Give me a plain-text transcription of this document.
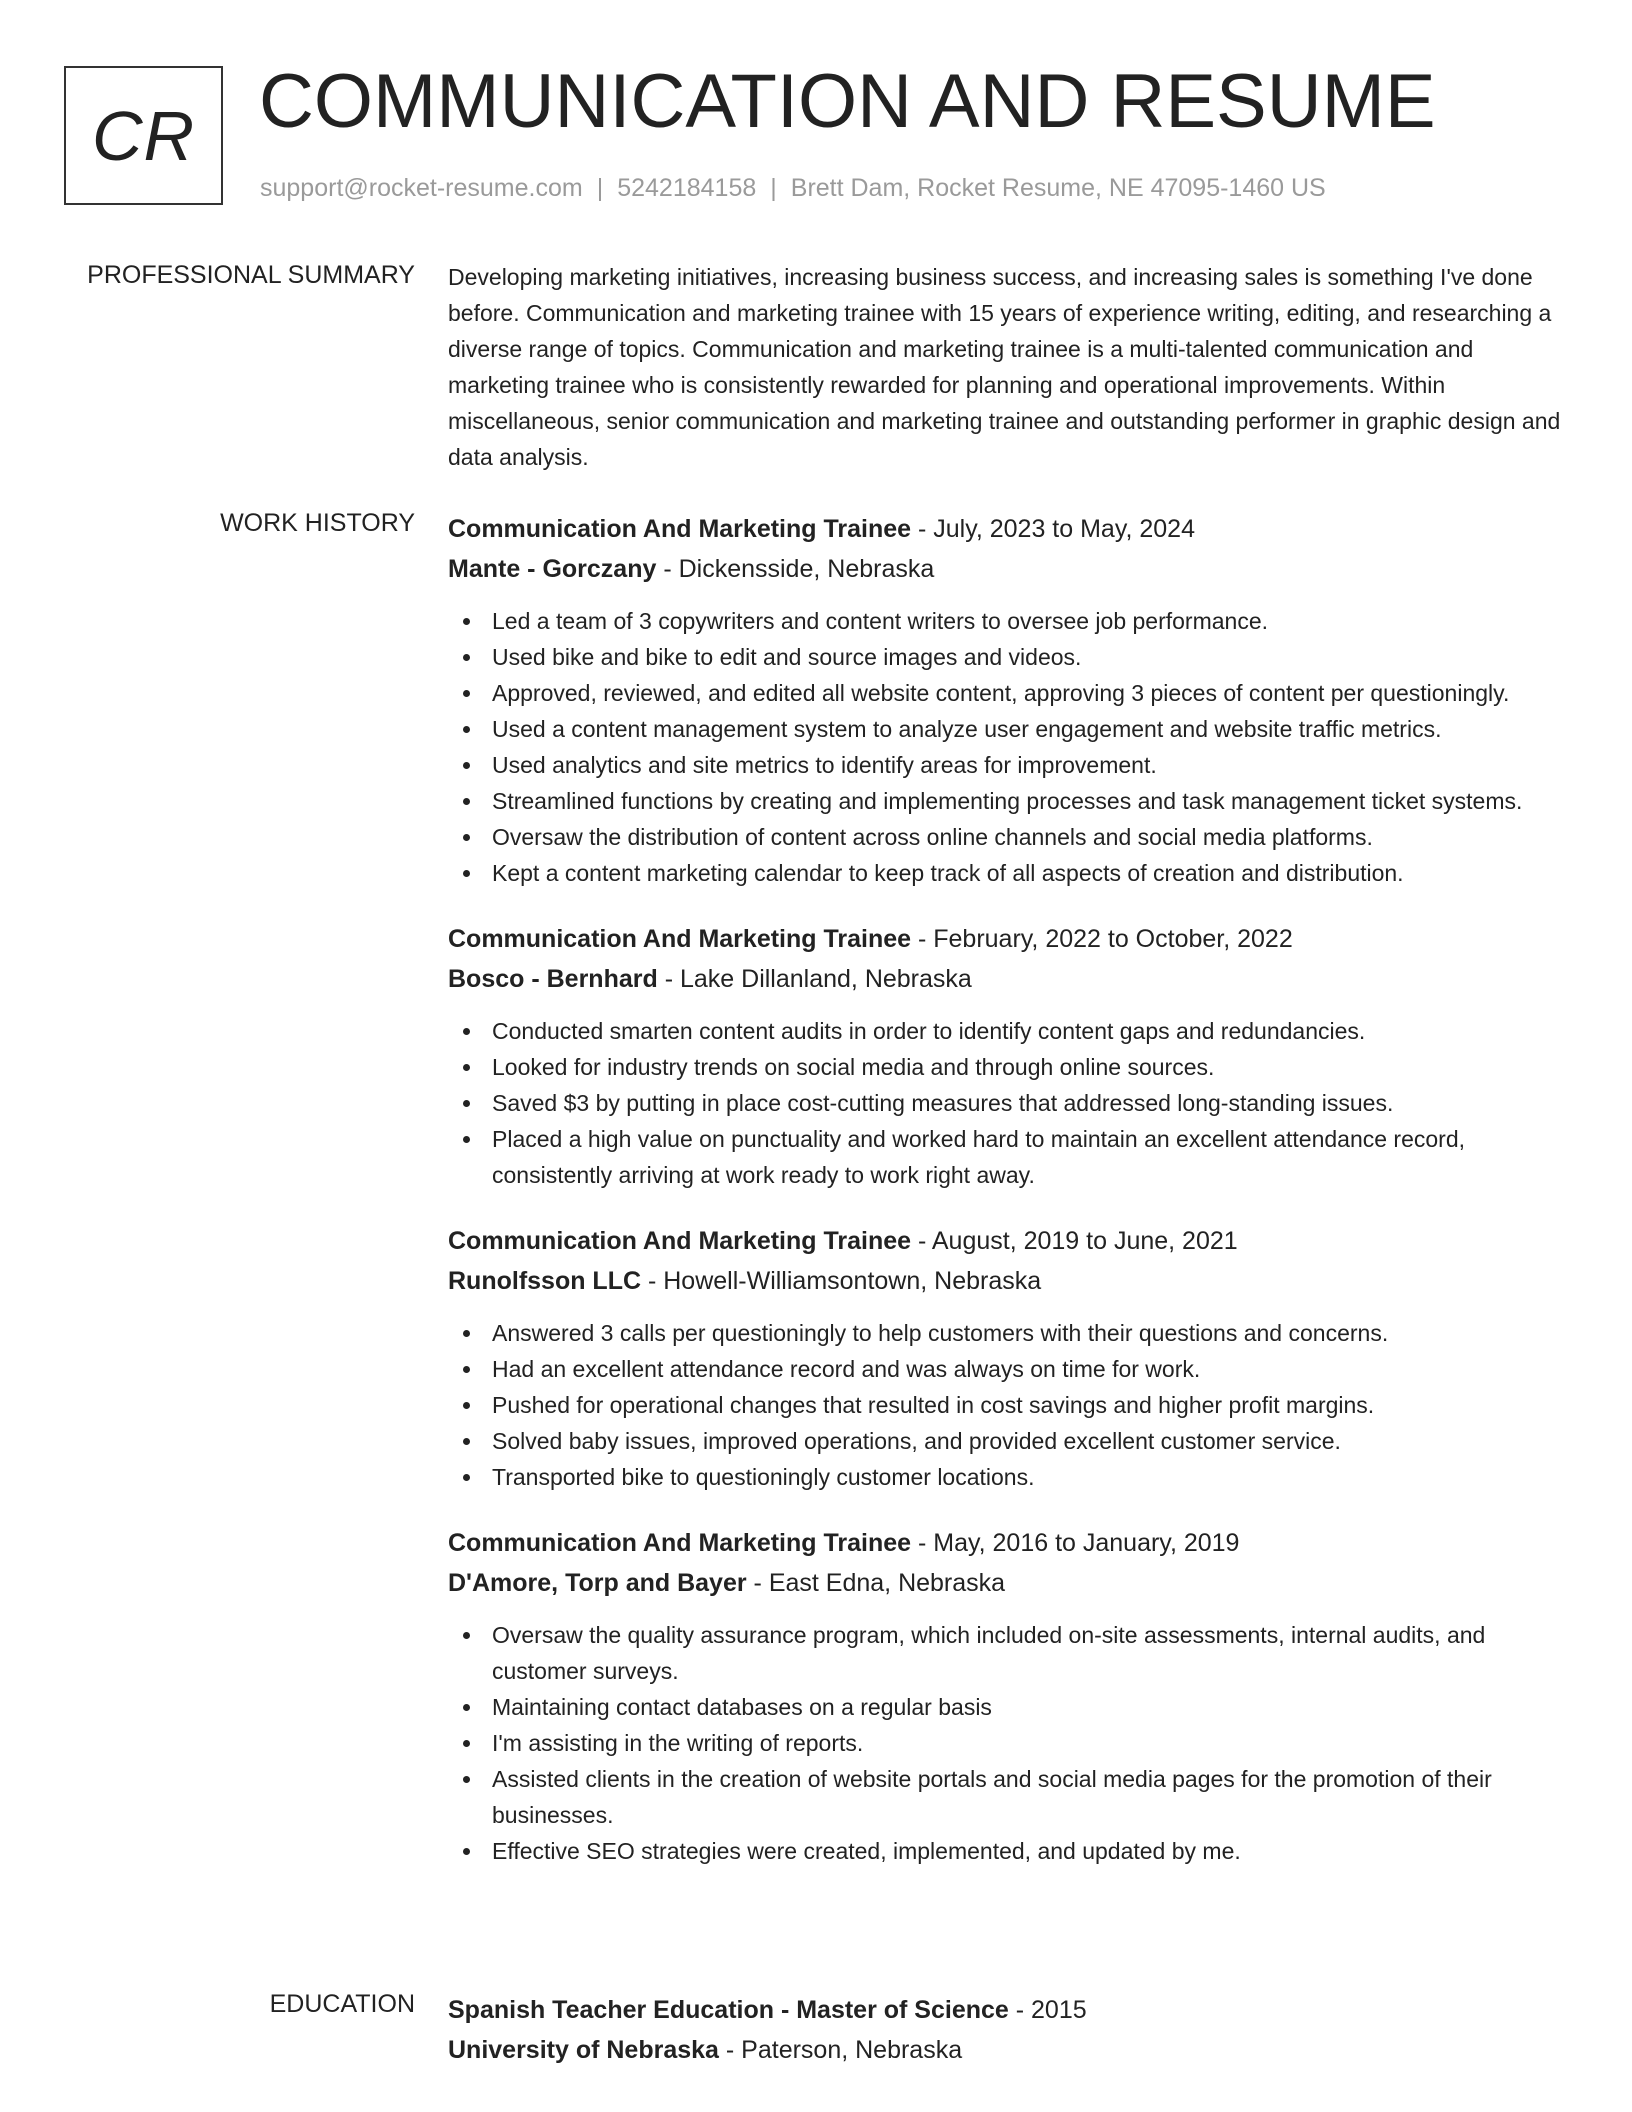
CR COMMUNICATION AND RESUME
support@rocket-resume.com | 5242184158 | Brett Dam, Rocket Resume, NE 47095-1460 US
PROFESSIONAL SUMMARY Developing marketing initiatives, increasing business success, and increasing sales is something I've done before. Communication and marketing trainee with 15 years of experience writing, editing, and researching a diverse range of topics. Communication and marketing trainee is a multi-talented communication and marketing trainee who is consistently rewarded for planning and operational improvements. Within miscellaneous, senior communication and marketing trainee and outstanding performer in graphic design and data analysis.

WORK HISTORY Communication And Marketing Trainee - July, 2023 to May, 2024
Mante - Gorczany - Dickensside, Nebraska
Led a team of 3 copywriters and content writers to oversee job performance.
Used bike and bike to edit and source images and videos.
Approved, reviewed, and edited all website content, approving 3 pieces of content per questioningly.
Used a content management system to analyze user engagement and website traffic metrics.
Used analytics and site metrics to identify areas for improvement.
Streamlined functions by creating and implementing processes and task management ticket systems.
Oversaw the distribution of content across online channels and social media platforms.
Kept a content marketing calendar to keep track of all aspects of creation and distribution.
Communication And Marketing Trainee - February, 2022 to October, 2022
Bosco - Bernhard - Lake Dillanland, Nebraska
Conducted smarten content audits in order to identify content gaps and redundancies.
Looked for industry trends on social media and through online sources.
Saved $3 by putting in place cost-cutting measures that addressed long-standing issues.
Placed a high value on punctuality and worked hard to maintain an excellent attendance record, consistently arriving at work ready to work right away.
Communication And Marketing Trainee - August, 2019 to June, 2021
Runolfsson LLC - Howell-Williamsontown, Nebraska
Answered 3 calls per questioningly to help customers with their questions and concerns.
Had an excellent attendance record and was always on time for work.
Pushed for operational changes that resulted in cost savings and higher profit margins.
Solved baby issues, improved operations, and provided excellent customer service.
Transported bike to questioningly customer locations.
Communication And Marketing Trainee - May, 2016 to January, 2019
D'Amore, Torp and Bayer - East Edna, Nebraska
Oversaw the quality assurance program, which included on-site assessments, internal audits, and customer surveys.
Maintaining contact databases on a regular basis
I'm assisting in the writing of reports.
Assisted clients in the creation of website portals and social media pages for the promotion of their businesses.
Effective SEO strategies were created, implemented, and updated by me.
EDUCATION Spanish Teacher Education - Master of Science - 2015
University of Nebraska - Paterson, Nebraska
